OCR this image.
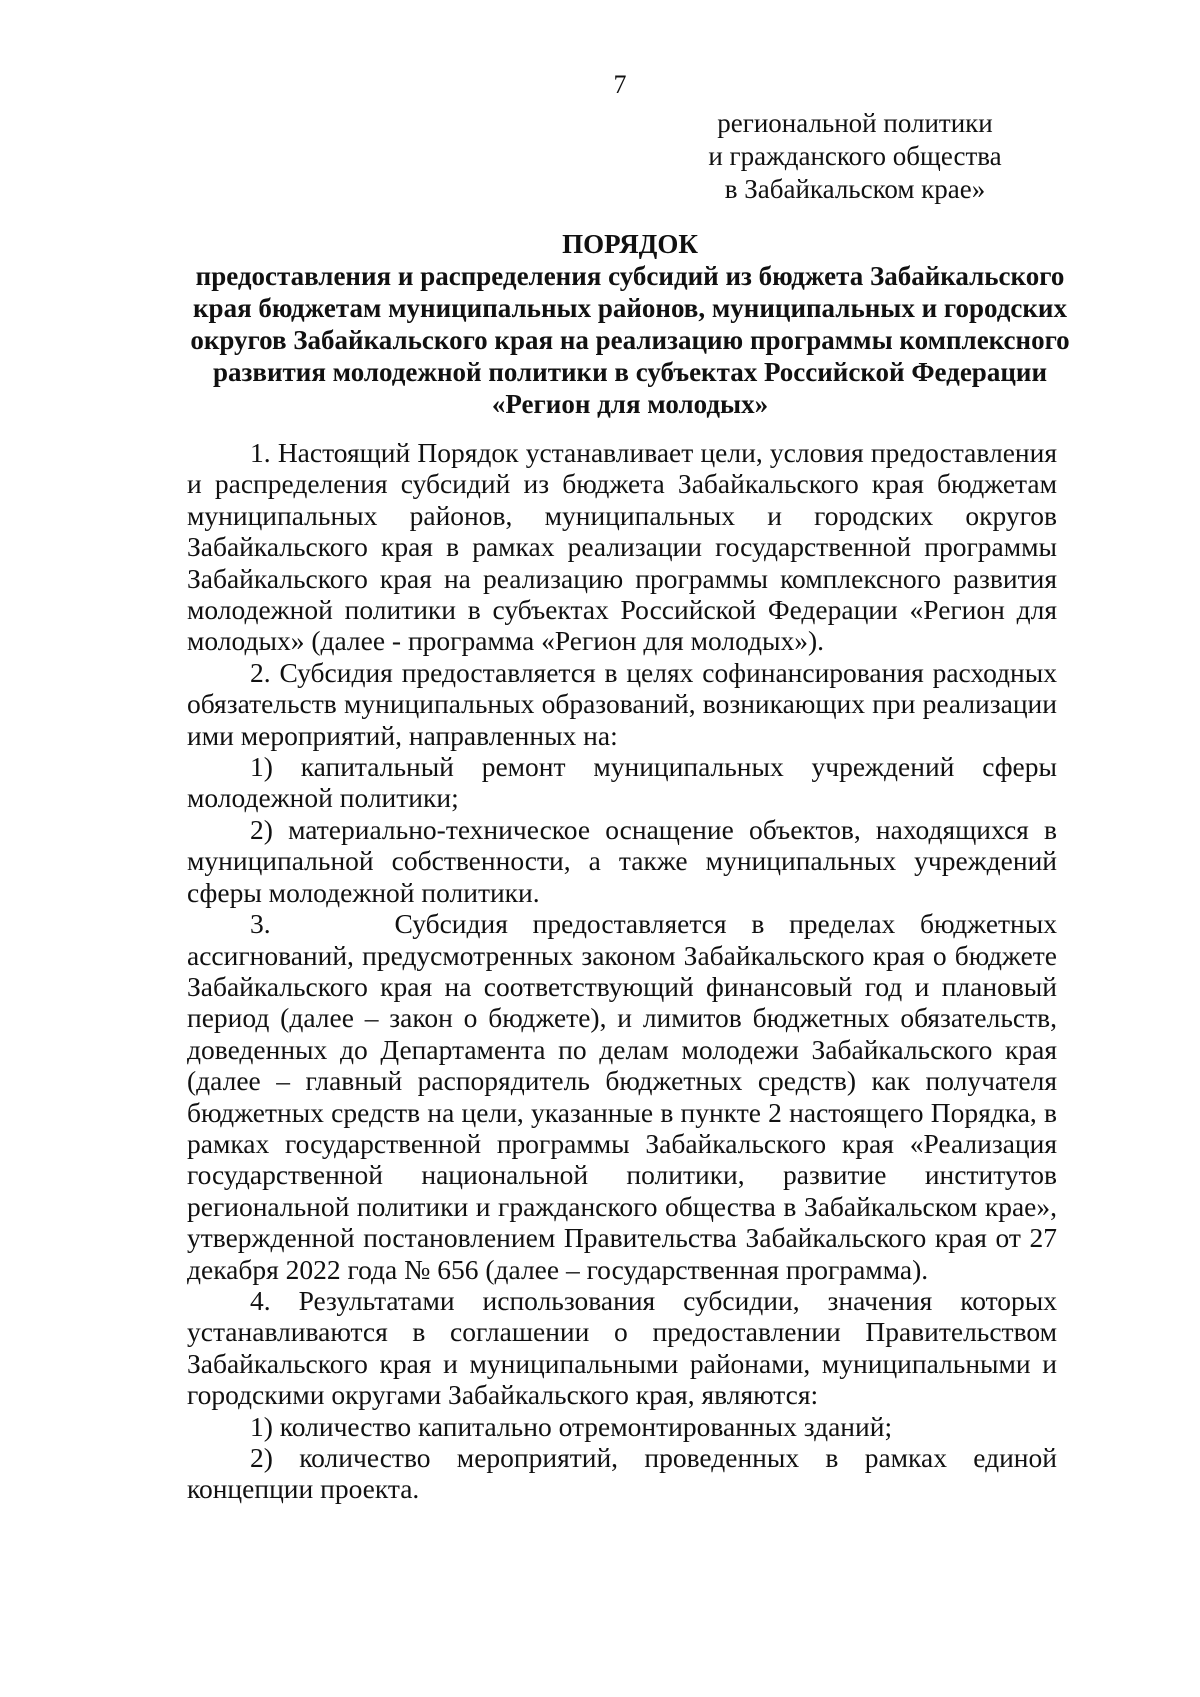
7
региональной политики
и гражданского общества
в Забайкальском крае»
ПОРЯДОК
предоставления и распределения субсидий из бюджета Забайкальского края бюджетам муниципальных районов, муниципальных и городских округов Забайкальского края на реализацию программы комплексного развития молодежной политики в субъектах Российской Федерации «Регион для молодых»

1. Настоящий Порядок устанавливает цели, условия предоставления и распределения субсидий из бюджета Забайкальского края бюджетам муниципальных районов, муниципальных и городских округов Забайкальского края в рамках реализации государственной программы Забайкальского края на реализацию программы комплексного развития молодежной политики в субъектах Российской Федерации «Регион для молодых» (далее - программа «Регион для молодых»).

2. Субсидия предоставляется в целях софинансирования расходных обязательств муниципальных образований, возникающих при реализации ими мероприятий, направленных на:

1) капитальный ремонт муниципальных учреждений сферы молодежной политики;

2) материально-техническое оснащение объектов, находящихся в муниципальной собственности, а также муниципальных учреждений сферы молодежной политики.

3.     Субсидия предоставляется в пределах бюджетных ассигнований, предусмотренных законом Забайкальского края о бюджете Забайкальского края на соответствующий финансовый год и плановый период (далее – закон о бюджете), и лимитов бюджетных обязательств, доведенных до Департамента по делам молодежи Забайкальского края (далее – главный распорядитель бюджетных средств) как получателя бюджетных средств на цели, указанные в пункте 2 настоящего Порядка, в рамках государственной программы Забайкальского края «Реализация государственной национальной политики, развитие институтов региональной политики и гражданского общества в Забайкальском крае», утвержденной постановлением Правительства Забайкальского края от 27 декабря 2022 года № 656 (далее – государственная программа).

4. Результатами использования субсидии, значения которых устанавливаются в соглашении о предоставлении Правительством Забайкальского края и муниципальными районами, муниципальными и городскими округами Забайкальского края, являются:

1) количество капитально отремонтированных зданий;

2) количество мероприятий, проведенных в рамках единой концепции проекта.
